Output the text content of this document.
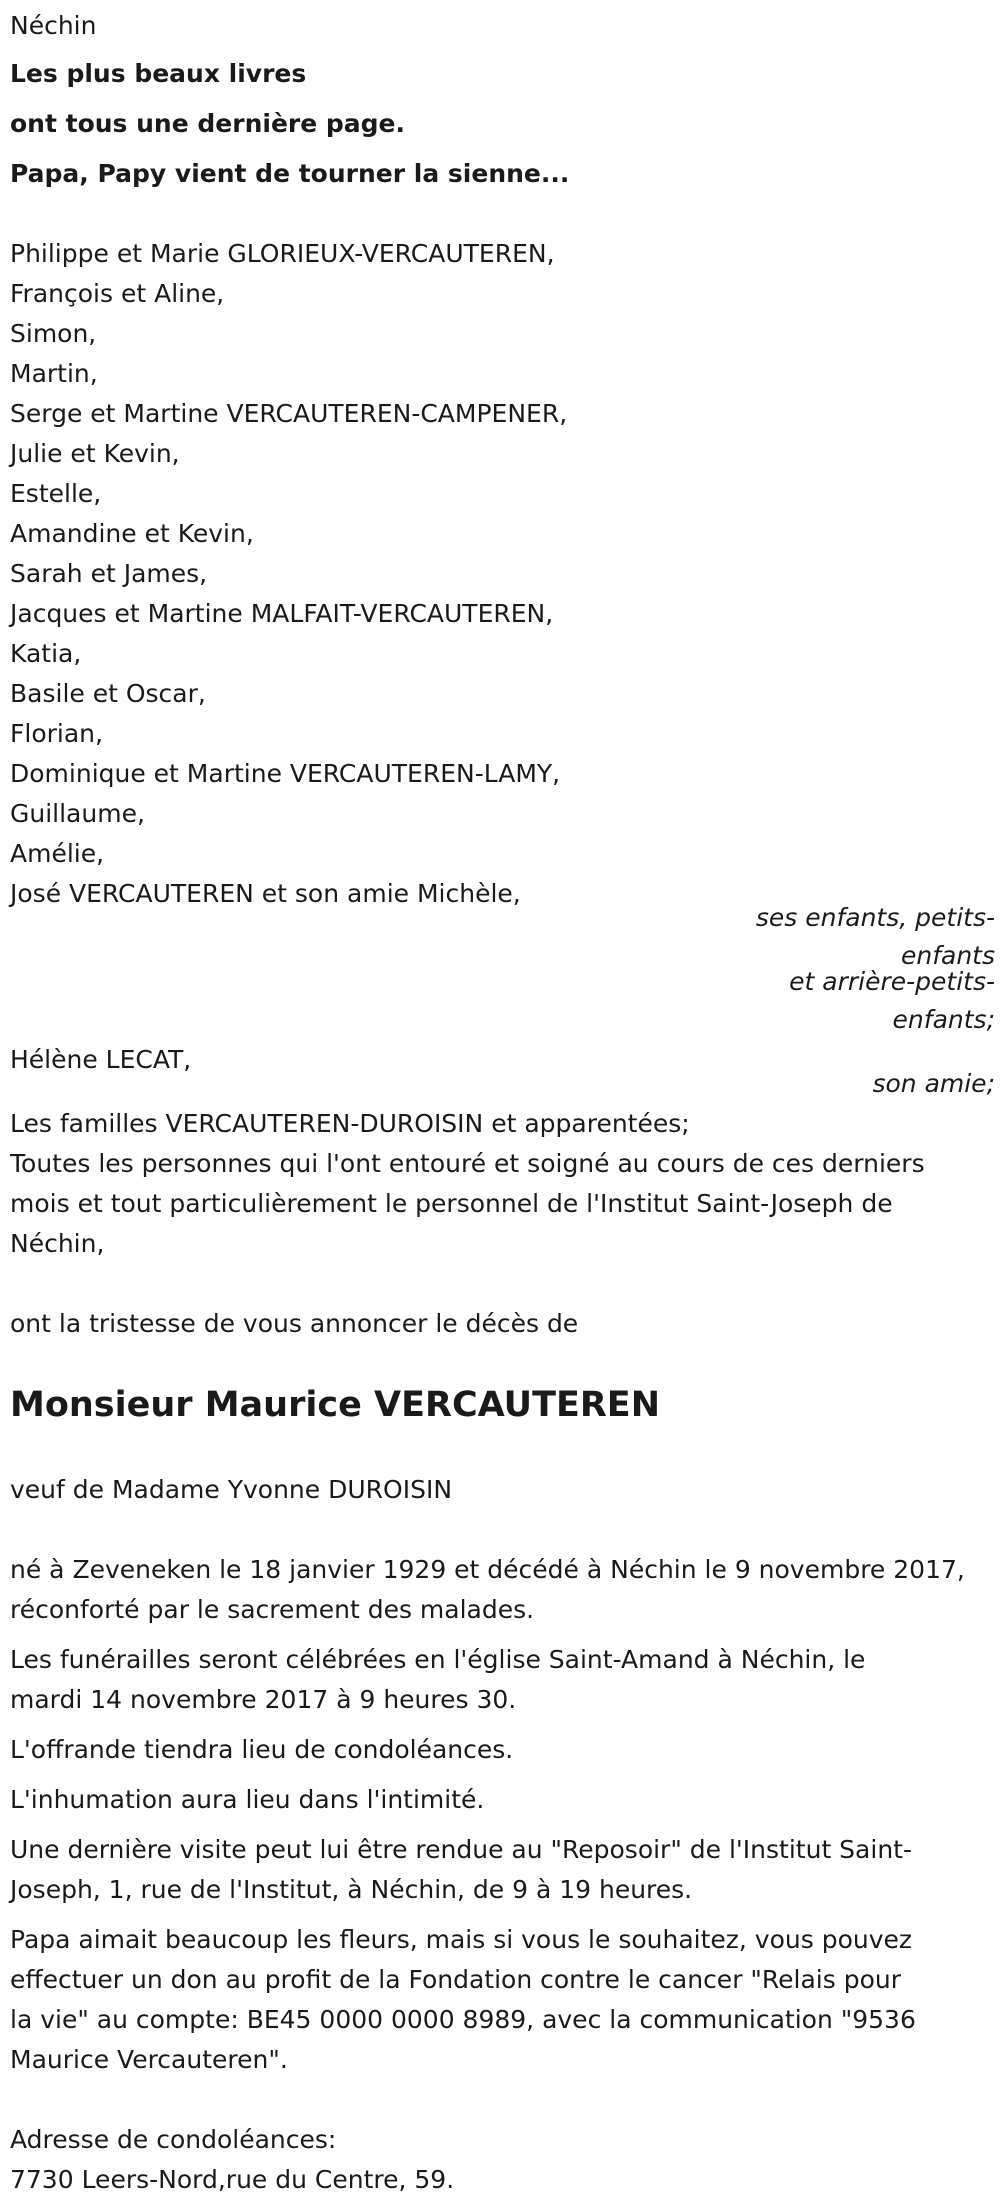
Néchin
Les plus beaux livres
ont tous une dernière page.
Papa, Papy vient de tourner la sienne...
Philippe et Marie GLORIEUX-VERCAUTEREN,
François et Aline,
Simon,
Martin,
Serge et Martine VERCAUTEREN-CAMPENER,
Julie et Kevin,
Estelle,
Amandine et Kevin,
Sarah et James,
Jacques et Martine MALFAIT-VERCAUTEREN,
Katia,
Basile et Oscar,
Florian,
Dominique et Martine VERCAUTEREN-LAMY,
Guillaume,
Amélie,
José VERCAUTEREN et son amie Michèle,
ses enfants, petits-
enfants
et arrière-petits-
enfants;
Hélène LECAT,
son amie;
Les familles VERCAUTEREN-DUROISIN et apparentées;
Toutes les personnes qui l'ont entouré et soigné au cours de ces derniers
mois et tout particulièrement le personnel de l'Institut Saint-Joseph de
Néchin,
ont la tristesse de vous annoncer le décès de
Monsieur Maurice VERCAUTEREN
veuf de Madame Yvonne DUROISIN
né à Zeveneken le 18 janvier 1929 et décédé à Néchin le 9 novembre 2017,
réconforté par le sacrement des malades.
Les funérailles seront célébrées en l'église Saint-Amand à Néchin, le
mardi 14 novembre 2017 à 9 heures 30.
L'offrande tiendra lieu de condoléances.
L'inhumation aura lieu dans l'intimité.
Une dernière visite peut lui être rendue au "Reposoir" de l'Institut Saint-
Joseph, 1, rue de l'Institut, à Néchin, de 9 à 19 heures.
Papa aimait beaucoup les fleurs, mais si vous le souhaitez, vous pouvez
effectuer un don au profit de la Fondation contre le cancer "Relais pour
la vie" au compte: BE45 0000 0000 8989, avec la communication "9536
Maurice Vercauteren".
Adresse de condoléances:
7730 Leers-Nord,rue du Centre, 59.
